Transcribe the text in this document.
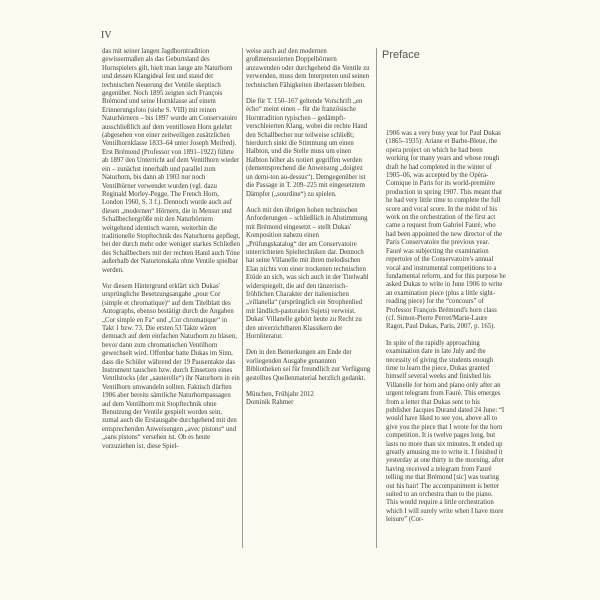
IV

das mit seiner langen Jagdhorntradition gewissermaßen als das Geburtsland des Hornspielers gilt, hielt man lange am Naturhorn und dessen Klangideal fest und stand der technischen Neuerung der Ventile skeptisch gegenüber. Noch 1895 zeigten sich François Brémond und seine Hornklasse auf einem Erinnerungsfoto (siehe S. VIII) mit reinen Naturhörnern – bis 1897 wurde am Conservatoire ausschließlich auf dem ventillosen Horn gelehrt (abgesehen von einer zeitweiligen zusätzlichen Ventilhornklasse 1833–64 unter Joseph Meifred). Erst Brémond (Professor von 1891–1922) führte ab 1897 den Unterricht auf dem Ventilhorn wieder ein – zunächst innerhalb und parallel zum Naturhorn, bis dann ab 1903 nur noch Ventilhörner verwendet wurden (vgl. dazu Reginald Morley-Pegge, The French Horn, London 1960, S. 3 f.). Dennoch wurde auch auf diesen „modernen“ Hörnern, die in Mensur und Schallbechergröße mit den Naturhörnern weitgehend identisch waren, weiterhin die traditionelle Stopftechnik des Naturhorns gepflegt, bei der durch mehr oder weniger starkes Schließen des Schallbechers mit der rechten Hand auch Töne außerhalb der Naturtonskala ohne Ventile spielbar werden.

Vor diesem Hintergrund erklärt sich Dukas' ursprüngliche Besetzungsangabe „pour Cor (simple et chromatique)“ auf dem Titelblatt des Autographs, ebenso bestätigt durch die Angaben „Cor simple en Fa“ und „Cor chromatique“ in Takt 1 bzw. 73. Die ersten 53 Takte wären demnach auf dem einfachen Naturhorn zu blasen, bevor dann zum chromatischen Ventilhorn gewechselt wird. Offenbar hatte Dukas im Sinn, dass die Schüler während der 19 Pausentakte das Instrument tauschen bzw. durch Einsetzen eines Ventilstocks (der „sauterelle“) ihr Naturhorn in ein Ventilhorn umwandeln sollten. Faktisch dürften 1906 aber bereits sämtliche Naturhornpassagen auf dem Ventilhorn mit Stopftechnik ohne Benutzung der Ventile gespielt worden sein, zumal auch die Erstausgabe durchgehend mit den entsprechenden Anweisungen „avec pistons“ und „sans pistons“ versehen ist. Ob es heute vorzuziehen ist, diese Spiel-

weise auch auf den modernen großmensurierten Doppelhörnern anzuwenden oder durchgehend die Ventile zu verwenden, muss dem Interpreten und seinen technischen Fähigkeiten überlassen bleiben.

Die für T. 150–167 geltende Vorschrift „en écho“ meint einen – für die französische Horntradition typischen – gedämpft-verschleierten Klang, wobei die rechte Hand den Schallbecher nur teilweise schließt; hierdurch sinkt die Stimmung um einen Halbton, und die Stelle muss um einen Halbton höher als notiert gegriffen werden (dementsprechend die Anweisung „doigtez un demi-ton au-dessus“). Demgegenüber ist die Passage in T. 209–225 mit eingesetztem Dämpfer („sourdine“) zu spielen.

Auch mit den übrigen hohen technischen Anforderungen – schließlich in Abstimmung mit Brémond eingesetzt – stellt Dukas' Komposition nahezu einen „Prüfungskatalog“ der am Conservatoire unterrichteten Spieltechniken dar. Dennoch hat seine Villanelle mit ihren melodischen Elan nichts von einer trockenen technischen Etüde an sich, was sich auch in der Titelwahl widerspiegelt, die auf den tänzerisch-fröhlichen Charakter der italienischen „villanella“ (ursprünglich ein Strophenlied mit ländlich-pastoralen Sujets) verweist. Dukas' Villanelle gehört heute zu Recht zu den unverzichtbaren Klassikern der Hornliteratur.

Den in den Bemerkungen am Ende der vorliegenden Ausgabe genannten Bibliotheken sei für freundlich zur Verfügung gestelltes Quellenmaterial herzlich gedankt.

München, Frühjahr 2012
Dominik Rahmer
Preface

1906 was a very busy year for Paul Dukas (1865–1935): Ariane et Barbe-Bleue, the opera project on which he had been working for many years and whose rough draft he had completed in the winter of 1905–06, was accepted by the Opéra-Comique in Paris for its world-première production in spring 1907. This meant that he had very little time to complete the full score and vocal score. In the midst of his work on the orchestration of the first act came a request from Gabriel Fauré, who had been appointed the new director of the Paris Conservatoire the previous year. Fauré was subjecting the examination repertoire of the Conservatoire's annual vocal and instrumental competitions to a fundamental reform, and for this purpose he asked Dukas to write in June 1906 to write an examination piece (plus a little sight-reading piece) for the “concours” of Professor François Brémond's horn class (cf. Simon-Pierre Perret/Marie-Laure Ragot, Paul Dukas, Paris, 2007, p. 165).

In spite of the rapidly approaching examination date in late July and the necessity of giving the students enough time to learn the piece, Dukas granted himself several weeks and finished his Villanelle for horn and piano only after an urgent telegram from Fauré. This emerges from a letter that Dukas sent to his publisher Jacques Durand dated 24 June: “I would have liked to see you, above all to give you the piece that I wrote for the horn competition. It is twelve pages long, but lasts no more than six minutes. It ended up greatly amusing me to write it. I finished it yesterday at one thirty in the morning, after having received a telegram from Fauré telling me that Brémond [sic] was tearing out his hair! The accompaniment is better suited to an orchestra than to the piano. This would require a little orchestration which I will surely write when I have more leisure” (Cor-
